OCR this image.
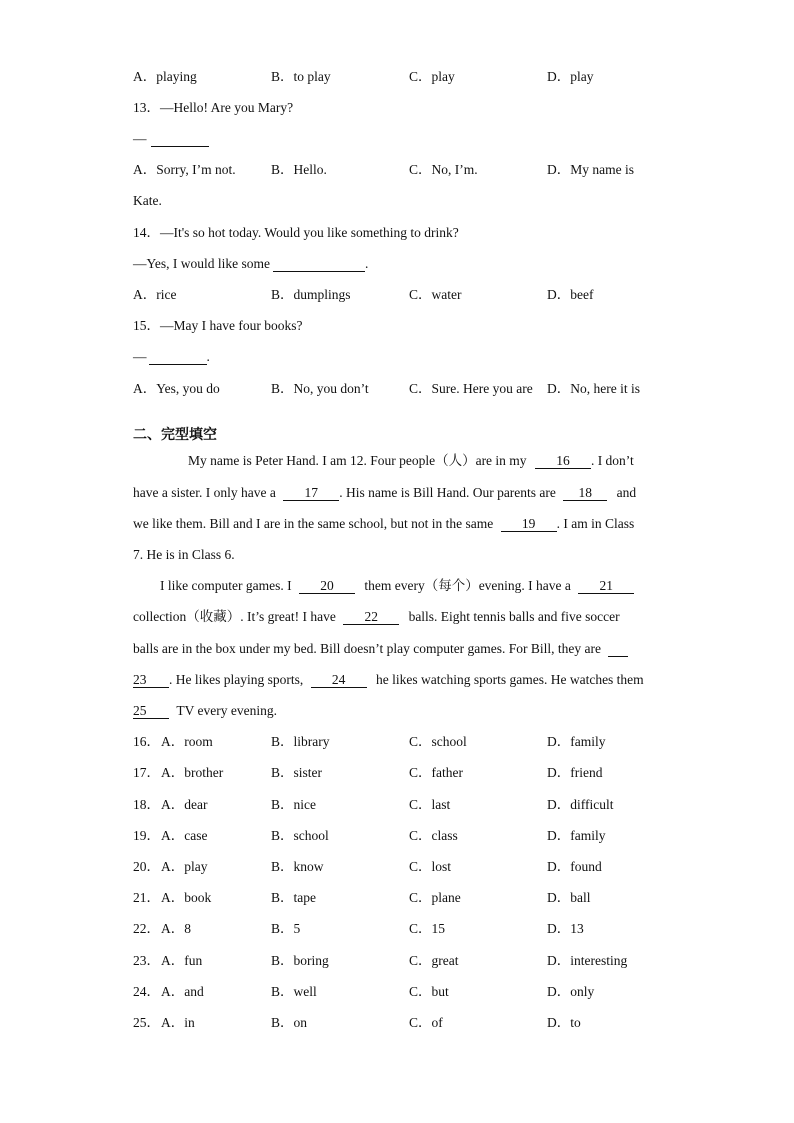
A．playing	B．to play	C．play	D．play
13．—Hello! Are you Mary?
—
A．Sorry, I’m not.	B．Hello.	C．No, I’m.	D．My name is
Kate.
14．—It's so hot today. Would you like something to drink?
—Yes, I would like some	.
A．rice	B．dumplings	C．water	D．beef
15．—May I have four books?
—	.
A．Yes, you do	B．No, you don’t	C．Sure. Here you are D．No, here it is
二、完型填空
My name is Peter Hand. I am 12. Four people（人）are in my 16 . I don’t
have a sister. I only have a 17 . His name is Bill Hand. Our parents are 18 and
we like them. Bill and I are in the same school, but not in the same 19 . I am in Class
7. He is in Class 6.
I like computer games. I 20 them every（每个）evening. I have a 21
collection（收藏）. It’s great! I have 22 balls. Eight tennis balls and five soccer
balls are in the box under my bed. Bill doesn’t play computer games. For Bill, they are
23 . He likes playing sports, 24 he likes watching sports games. He watches them
25 TV every evening.
16． A．room	B．library	C．school	D．family
17． A．brother	B．sister	C．father	D．friend
18． A．dear	B．nice	C．last	D．difficult
19． A．case	B．school	C．class	D．family
20． A．play	B．know	C．lost	D．found
21． A．book	B．tape	C．plane	D．ball
22． A．8	B．5	C．15	D．13
23． A．fun	B．boring	C．great	D．interesting
24． A．and	B．well	C．but	D．only
25． A．in	B．on	C．of	D．to
